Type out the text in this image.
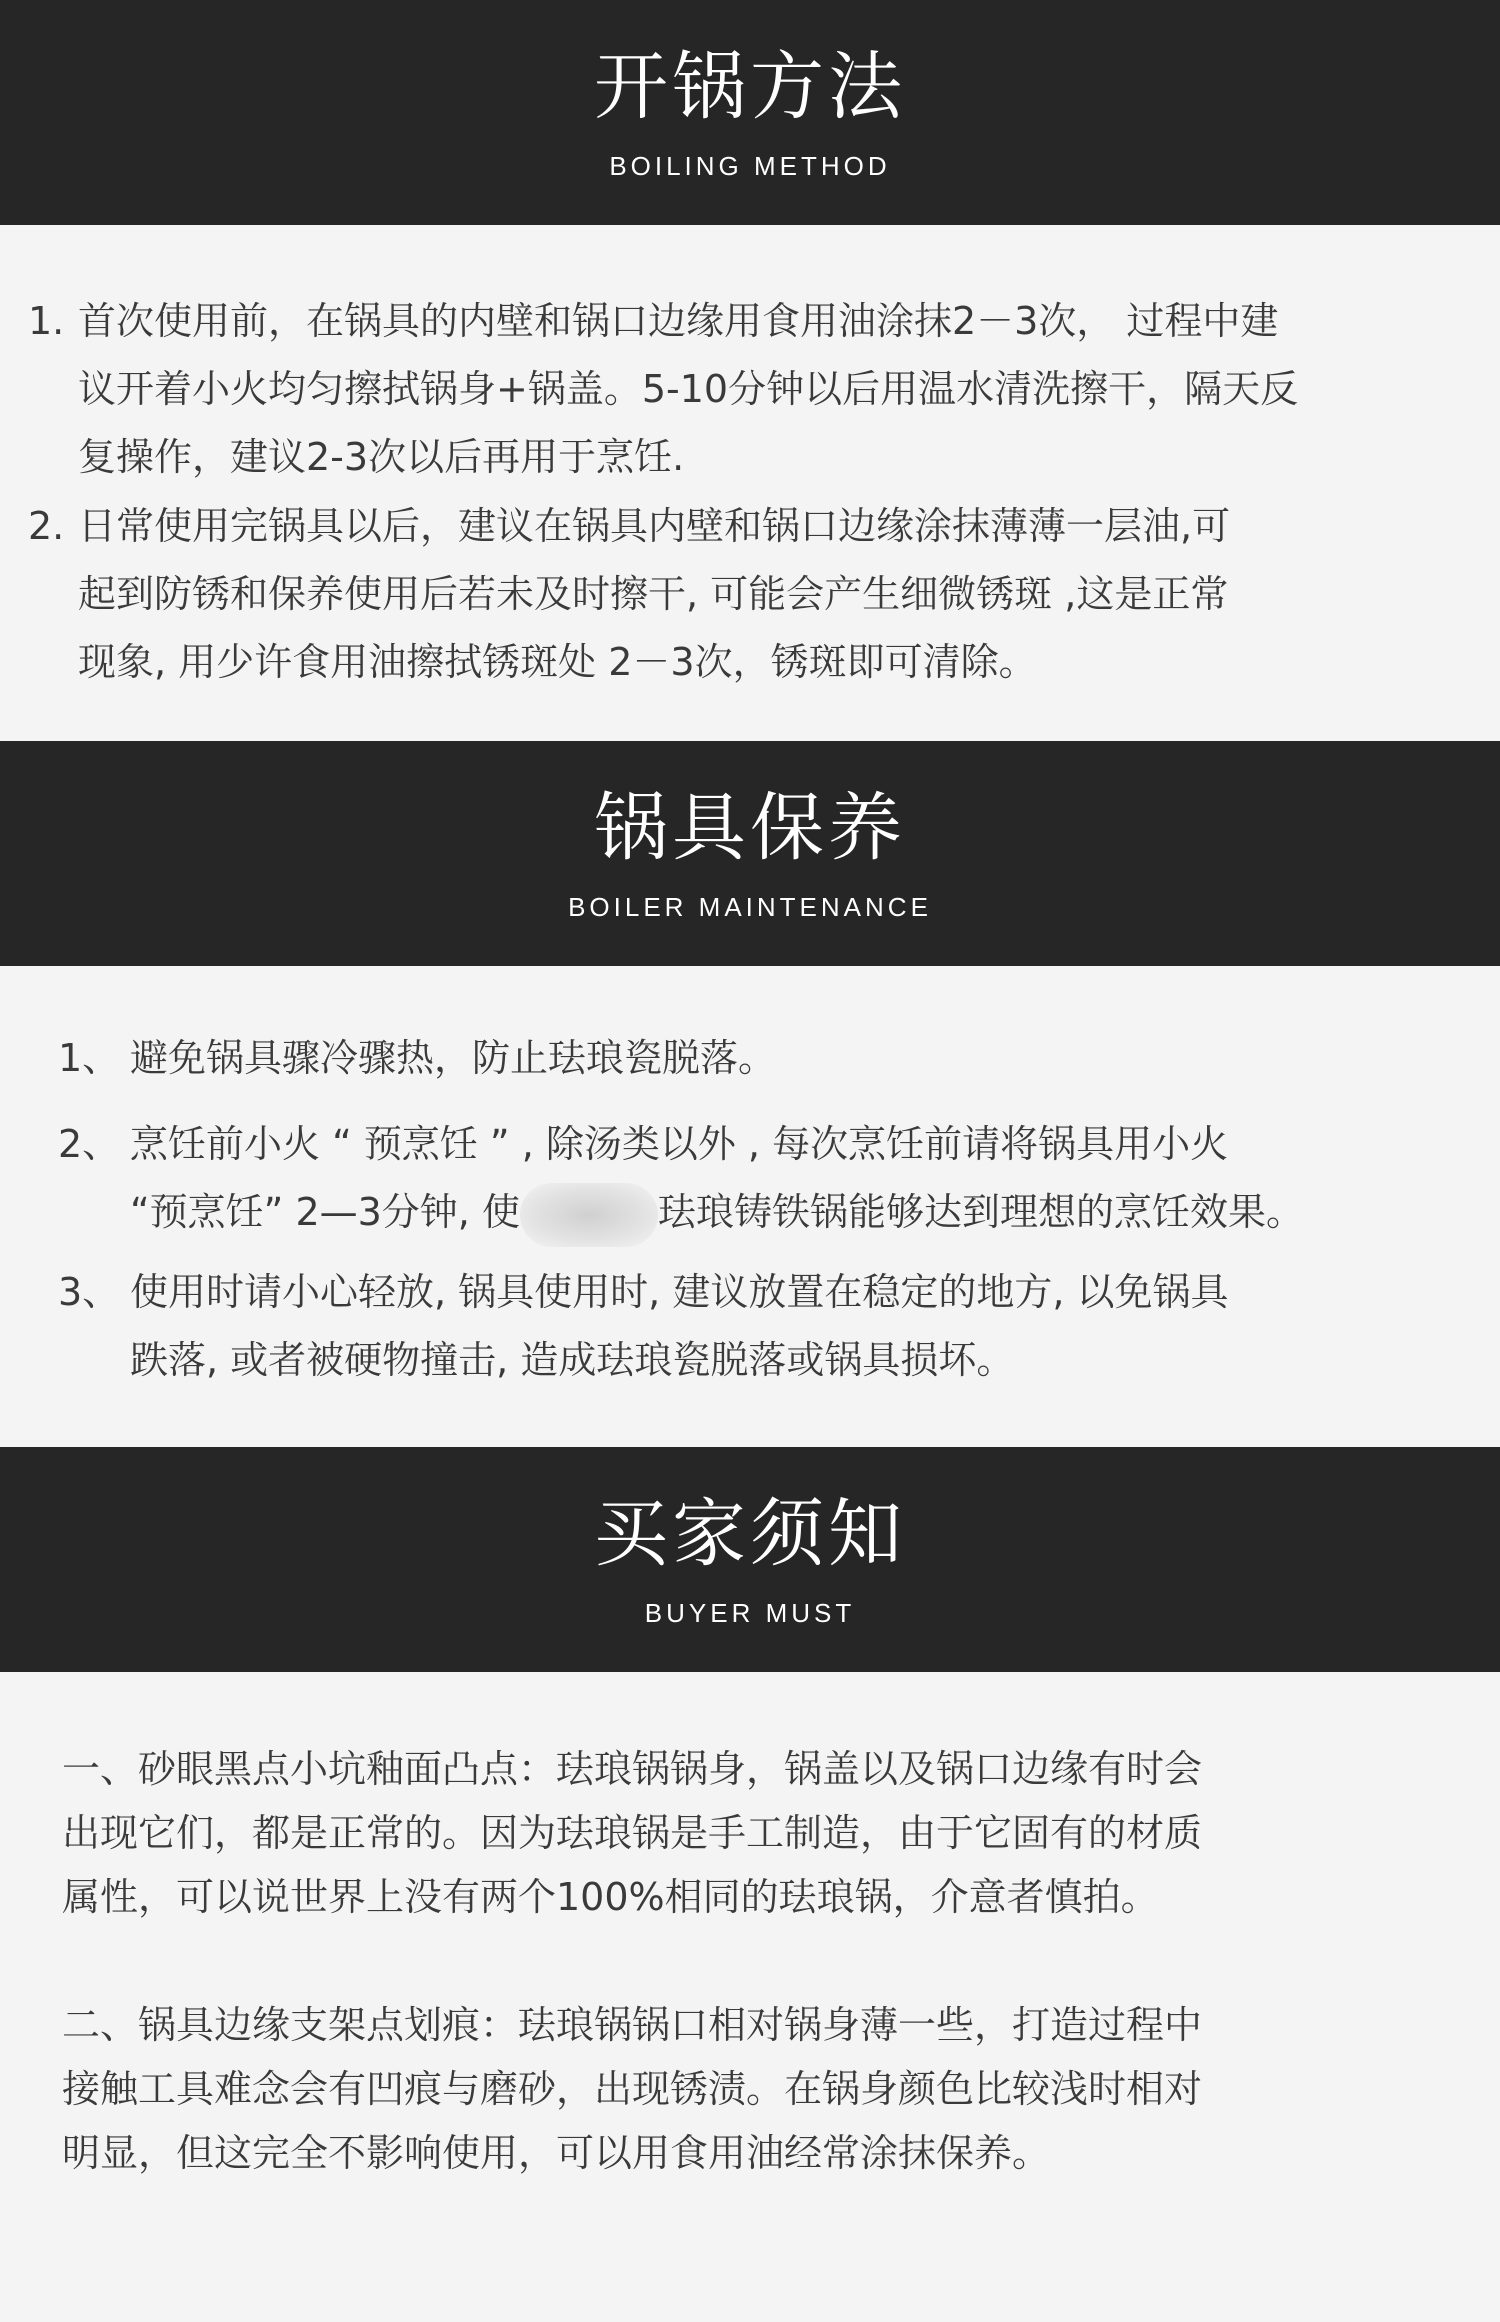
开锅方法
BOILING METHOD
1. 首次使用前，在锅具的内壁和锅口边缘用食用油涂抹2－3次， 过程中建
议开着小火均匀擦拭锅身+锅盖。5-10分钟以后用温水清洗擦干，隔天反
复操作，建议2-3次以后再用于烹饪.
2. 日常使用完锅具以后，建议在锅具内壁和锅口边缘涂抹薄薄一层油,可
起到防锈和保养使用后若未及时擦干, 可能会产生细微锈斑 ,这是正常
现象, 用少许食用油擦拭锈斑处 2－3次，锈斑即可清除。
锅具保养
BOILER MAINTENANCE
1、 避免锅具骤冷骤热，防止珐琅瓷脱落。
2、 烹饪前小火 “ 预烹饪 ” , 除汤类以外 , 每次烹饪前请将锅具用小火
“预烹饪” 2—3分钟, 使	珐琅铸铁锅能够达到理想的烹饪效果。
3、 使用时请小心轻放, 锅具使用时, 建议放置在稳定的地方, 以免锅具
跌落, 或者被硬物撞击, 造成珐琅瓷脱落或锅具损坏。
买家须知
BUYER MUST
一、砂眼黑点小坑釉面凸点：珐琅锅锅身，锅盖以及锅口边缘有时会
出现它们，都是正常的。因为珐琅锅是手工制造，由于它固有的材质
属性，可以说世界上没有两个100%相同的珐琅锅，介意者慎拍。
二、锅具边缘支架点划痕：珐琅锅锅口相对锅身薄一些，打造过程中
接触工具难念会有凹痕与磨砂，出现锈渍。在锅身颜色比较浅时相对
明显，但这完全不影响使用，可以用食用油经常涂抹保养。
